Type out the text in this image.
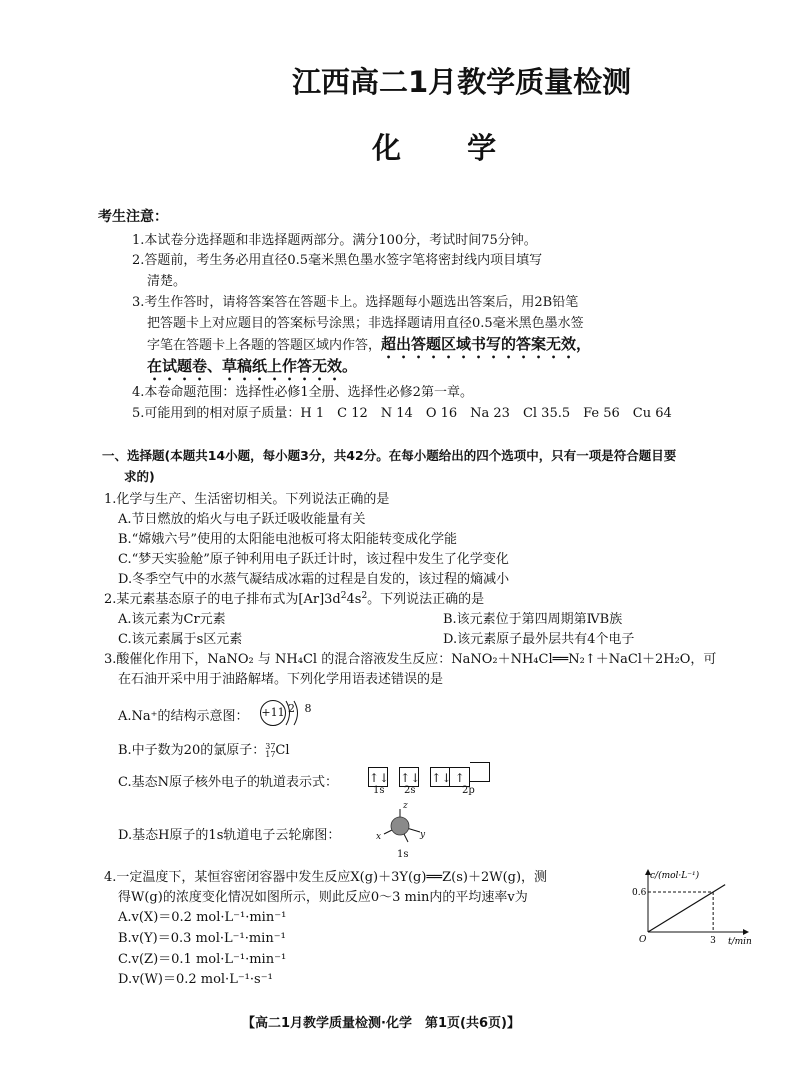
江西高二1月教学质量检测
化 学
考生注意：
1.本试卷分选择题和非选择题两部分。满分100分，考试时间75分钟。
2.答题前，考生务必用直径0.5毫米黑色墨水签字笔将密封线内项目填写
清楚。
3.考生作答时，请将答案答在答题卡上。选择题每小题选出答案后，用2B铅笔
把答题卡上对应题目的答案标号涂黑；非选择题请用直径0.5毫米黑色墨水签
字笔在答题卡上各题的答题区域内作答，超出答题区域书写的答案无效，
在试题卷、草稿纸上作答无效。
4.本卷命题范围：选择性必修1全册、选择性必修2第一章。
5.可能用到的相对原子质量：H 1　C 12　N 14　O 16　Na 23　Cl 35.5　Fe 56　Cu 64
一、选择题(本题共14小题，每小题3分，共42分。在每小题给出的四个选项中，只有一项是符合题目要
求的)
1.化学与生产、生活密切相关。下列说法正确的是
A.节日燃放的焰火与电子跃迁吸收能量有关
B.“嫦娥六号”使用的太阳能电池板可将太阳能转变成化学能
C.“梦天实验舱”原子钟利用电子跃迁计时，该过程中发生了化学变化
D.冬季空气中的水蒸气凝结成冰霜的过程是自发的，该过程的熵减小
2.某元素基态原子的电子排布式为$[Ar]3d^24s^2$。下列说法正确的是
A.该元素为Cr元素	B.该元素位于第四周期第ⅣB族
C.该元素属于s区元素	D.该元素原子最外层共有4个电子
3.酸催化作用下，NaNO₂ 与 NH₄Cl 的混合溶液发生反应：NaNO₂＋NH₄Cl══N₂↑＋NaCl＋2H₂O，可
在石油开采中用于油路解堵。下列化学用语表述错误的是
A.Na⁺的结构示意图： +11 2 8
B.中子数为20的氯原子： 37
17 Cl
C.基态N原子核外电子的轨道表示式：	↑↓ ↑↓ ↑↓ ↑
1s 2s	2p
D.基态H原子的1s轨道电子云轮廓图：
z
x	y
1s
4.一定温度下，某恒容密闭容器中发生反应X(g)＋3Y(g)══Z(s)＋2W(g)，测
得W(g)的浓度变化情况如图所示，则此反应0～3 min内的平均速率v为
A.v(X)＝0.2 mol·L⁻¹·min⁻¹
B.v(Y)＝0.3 mol·L⁻¹·min⁻¹
C.v(Z)＝0.1 mol·L⁻¹·min⁻¹
D.v(W)＝0.2 mol·L⁻¹·s⁻¹
c/(mol·L⁻¹)
0.6
O	3 t/min
【高二1月教学质量检测·化学　第1页(共6页)】
